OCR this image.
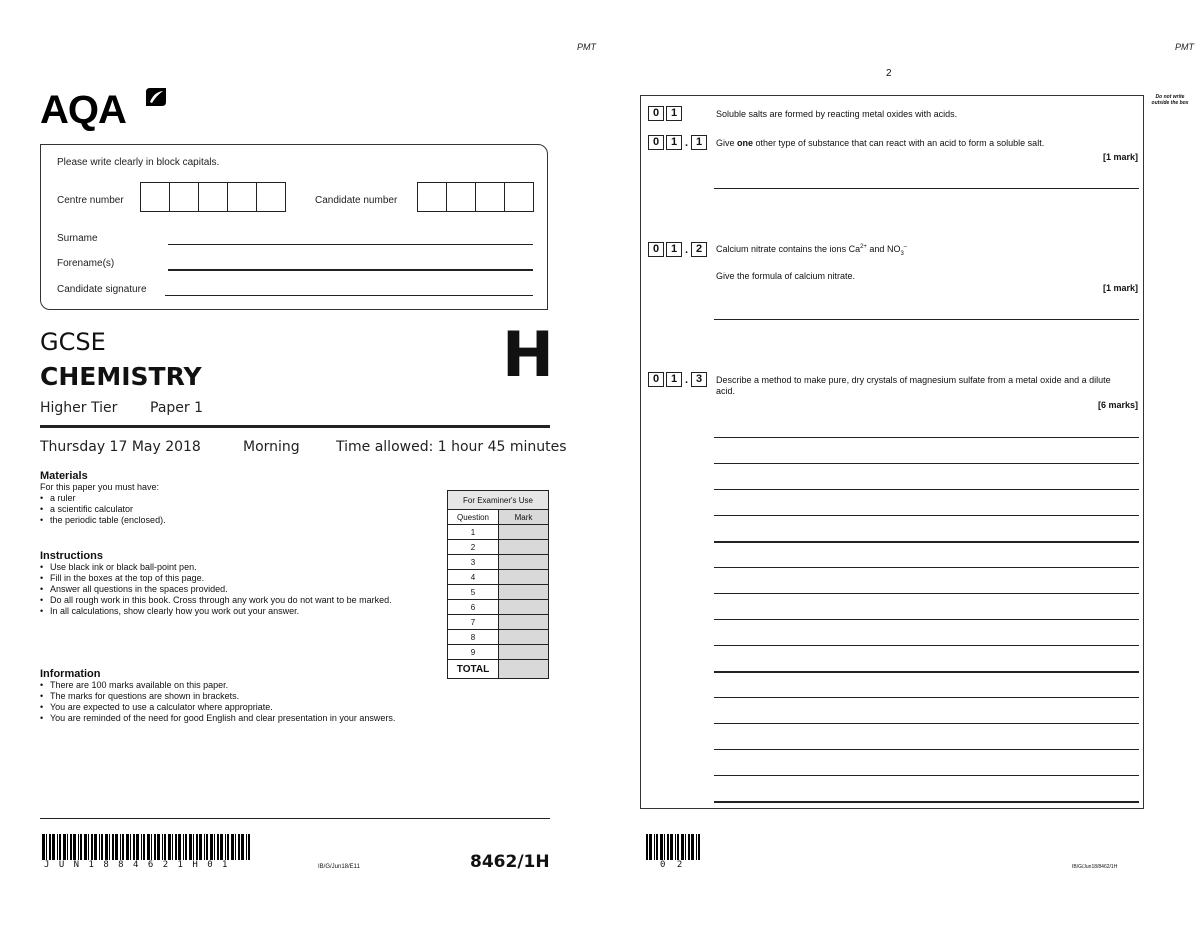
PMT	PMT
2
AQA
Please write clearly in block capitals.
Centre number	Candidate number
Surname
Forename(s)
Candidate signature
GCSE
CHEMISTRY	H
Higher Tier Paper 1
Thursday 17 May 2018	Morning	Time allowed: 1 hour 45 minutes
Materials
For this paper you must have:
• a ruler
• a scientific calculator
• the periodic table (enclosed).
Instructions
• Use black ink or black ball-point pen.
• Fill in the boxes at the top of this page.
• Answer all questions in the spaces provided.
• Do all rough work in this book. Cross through any work you do not want to be marked.
• In all calculations, show clearly how you work out your answer.
Information
• There are 100 marks available on this paper.
• The marks for questions are shown in brackets.
• You are expected to use a calculator where appropriate.
• You are reminded of the need for good English and clear presentation in your answers.
For Examiner's Use	
Question	Mark
1	
2	
3	
4	
5	
6	
7	
8	
9	
TOTAL	
J U N 1 8 8 4 6 2 1 H 0 1	IB/G/Jun18/E11	8462/1H
Do not write outside the box
0	1	Soluble salts are formed by reacting metal oxides with acids.
0	1 . 1	Give one other type of substance that can react with an acid to form a soluble salt.
[1 mark]
0	1 . 2	Calcium nitrate contains the ions $Ca^{2+}$ and $NO_3^-$
Give the formula of calcium nitrate.
[1 mark]
0	1 . 3	Describe a method to make pure, dry crystals of magnesium sulfate from a metal oxide and a dilute acid.
[6 marks]
0 2	IB/G/Jun18/8462/1H
